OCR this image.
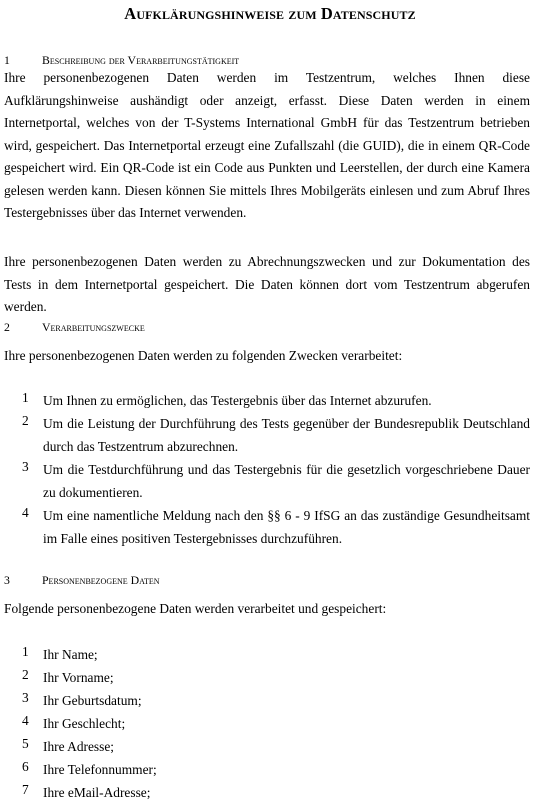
Aufklärungshinweise zum Datenschutz
1	Beschreibung der Verarbeitungstätigkeit

Ihre personenbezogenen Daten werden im Testzentrum, welches Ihnen diese Aufklärungshinweise aushändigt oder anzeigt, erfasst. Diese Daten werden in einem Internetportal, welches von der T-Systems International GmbH für das Testzentrum betrieben wird, gespeichert. Das Internetportal erzeugt eine Zufallszahl (die GUID), die in einem QR-Code gespeichert wird. Ein QR-Code ist ein Code aus Punkten und Leerstellen, der durch eine Kamera gelesen werden kann. Diesen können Sie mittels Ihres Mobilgeräts einlesen und zum Abruf Ihres Testergebnisses über das Internet verwenden.

Ihre personenbezogenen Daten werden zu Abrechnungszwecken und zur Dokumentation des Tests in dem Internetportal gespeichert. Die Daten können dort vom Testzentrum abgerufen werden.

2	Verarbeitungszwecke

Ihre personenbezogenen Daten werden zu folgenden Zwecken verarbeitet:

1 Um Ihnen zu ermöglichen, das Testergebnis über das Internet abzurufen.
2 Um die Leistung der Durchführung des Tests gegenüber der Bundesrepublik Deutschland durch das Testzentrum abzurechnen.
3 Um die Testdurchführung und das Testergebnis für die gesetzlich vorgeschriebene Dauer zu dokumentieren.
4 Um eine namentliche Meldung nach den §§ 6 - 9 IfSG an das zuständige Gesundheitsamt im Falle eines positiven Testergebnisses durchzuführen.
3	Personenbezogene Daten

Folgende personenbezogene Daten werden verarbeitet und gespeichert:

1 Ihr Name;
2 Ihr Vorname;
3 Ihr Geburtsdatum;
4 Ihr Geschlecht;
5 Ihre Adresse;
6 Ihre Telefonnummer;
7 Ihre eMail-Adresse;
